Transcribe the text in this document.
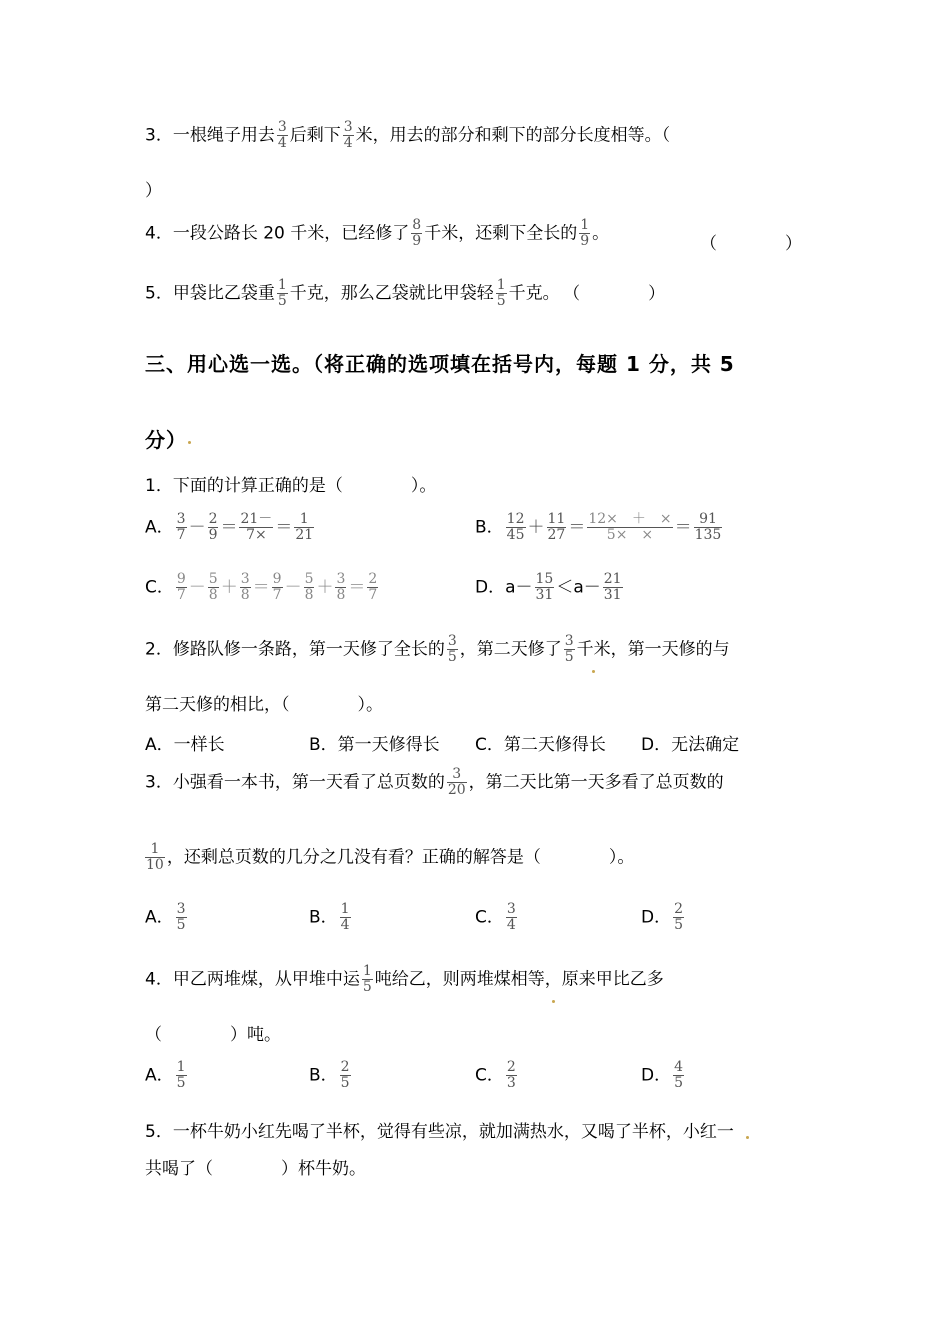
3．一根绳子用去 $\frac{3}{4}$ 后剩下 $\frac{3}{4}$ 米，用去的部分和剩下的部分长度相等。（
）
4．一段公路长 20 千米，已经修了 $\frac{8}{9}$ 千米，还剩下全长的 $\frac{1}{9}$ 。
（　　　　）
5．甲袋比乙袋重 $\frac{1}{5}$ 千克，那么乙袋就比甲袋轻 $\frac{1}{5}$ 千克。 （　　　　）
三、用心选一选。（将正确的选项填在括号内，每题 1 分，共 5
分）
1．下面的计算正确的是（　　　　）。
A． $\frac{3}{7} - \frac{2}{9} = \frac{21-}{7\times} = \frac{1}{21}$	B． $\frac{12}{45} + \frac{11}{27} = \frac{12\times + \times}{5\times \times} = \frac{91}{135}$
C． $\frac{9}{7} - \frac{5}{8} + \frac{3}{8} = \frac{9}{7} - \frac{5}{8} + \frac{3}{8} = \frac{2}{7}$	D．$a- \frac{15}{31} <a- \frac{21}{31}$
2．修路队修一条路，第一天修了全长的 $\frac{3}{5}$ ，第二天修了 $\frac{3}{5}$ 千米，第一天修的与
第二天修的相比，（　　　　）。
A．一样长	B．第一天修得长 C．第二天修得长 D．无法确定
3．小强看一本书，第一天看了总页数的 $\frac{3}{20}$ ，第二天比第一天多看了总页数的
$\frac{1}{10}$ ，还剩总页数的几分之几没有看？正确的解答是（　　　　）。
A． $\frac{3}{5}$	B． $\frac{1}{4}$	C． $\frac{3}{4}$	D． $\frac{2}{5}$
4．甲乙两堆煤，从甲堆中运 $\frac{1}{5}$ 吨给乙，则两堆煤相等，原来甲比乙多
（　　　　）吨。
A． $\frac{1}{5}$	B． $\frac{2}{5}$	C． $\frac{2}{3}$	D． $\frac{4}{5}$
5．一杯牛奶小红先喝了半杯，觉得有些凉，就加满热水，又喝了半杯，小红一
共喝了（　　　　）杯牛奶。
